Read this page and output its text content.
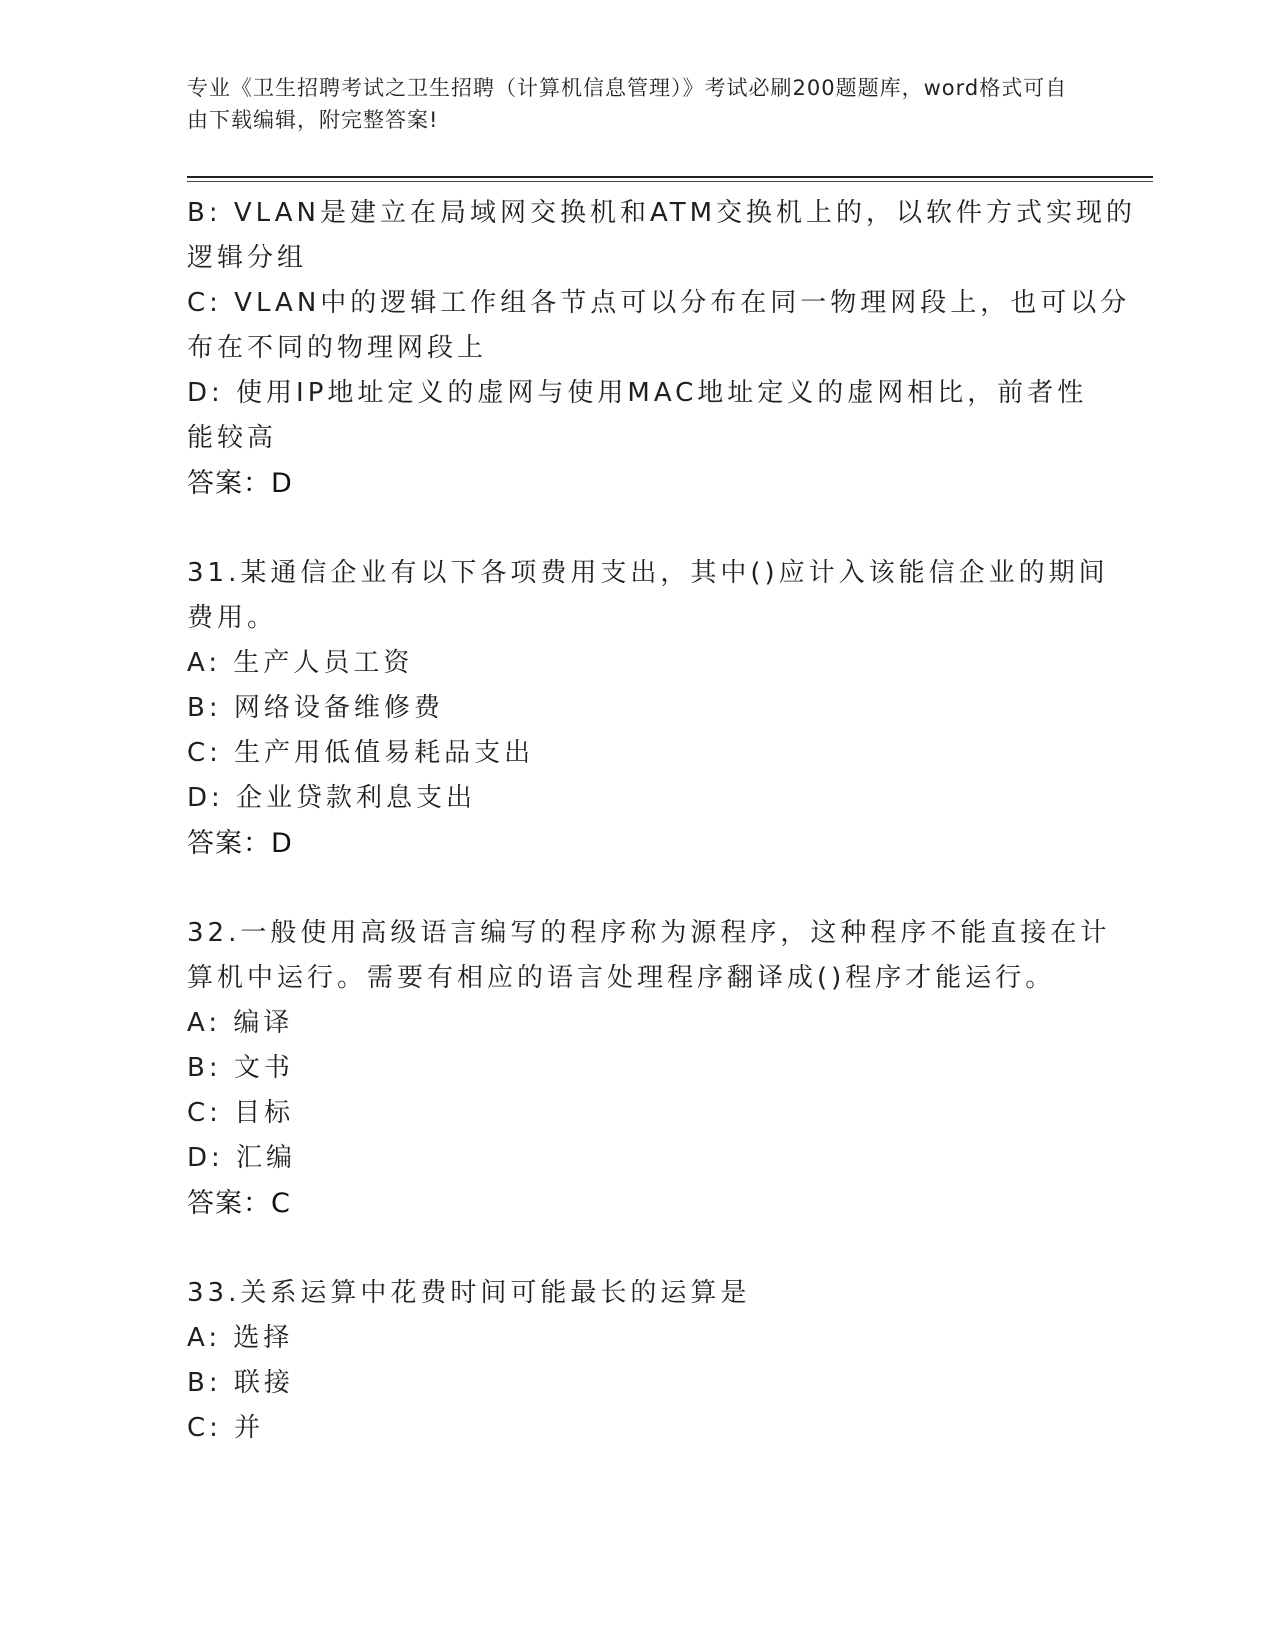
专业《卫生招聘考试之卫生招聘（计算机信息管理）》考试必刷200题题库，word格式可自由下载编辑，附完整答案!
B: VLAN是建立在局域网交换机和ATM交换机上的，以软件方式实现的
逻辑分组
C: VLAN中的逻辑工作组各节点可以分布在同一物理网段上，也可以分
布在不同的物理网段上
D: 使用IP地址定义的虚网与使用MAC地址定义的虚网相比，前者性
能较高
答案：D
31.某通信企业有以下各项费用支出，其中()应计入该能信企业的期间
费用。
A: 生产人员工资
B: 网络设备维修费
C: 生产用低值易耗品支出
D: 企业贷款利息支出
答案：D
32.一般使用高级语言编写的程序称为源程序，这种程序不能直接在计
算机中运行。需要有相应的语言处理程序翻译成()程序才能运行。
A: 编译
B: 文书
C: 目标
D: 汇编
答案：C
33.关系运算中花费时间可能最长的运算是
A: 选择
B: 联接
C: 并
